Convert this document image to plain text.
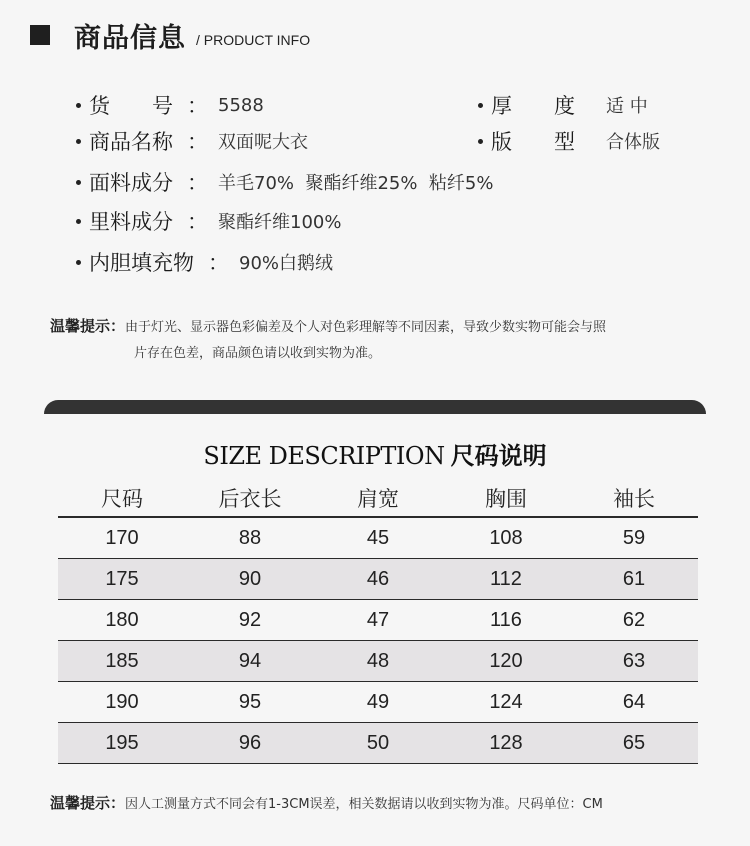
商品信息 / PRODUCT INFO
货　　号 ： 5588
商品名称 ： 双面呢大衣
面料成分 ： 羊毛70%  聚酯纤维25%  粘纤5%
里料成分 ： 聚酯纤维100%
内胆填充物 ： 90%白鹅绒
厚　　度 适 中
版　　型 合体版
温馨提示：由于灯光、显示器色彩偏差及个人对色彩理解等不同因素，导致少数实物可能会与照
片存在色差，商品颜色请以收到实物为准。
SIZE DESCRIPTION 尺码说明
尺码	后衣长	肩宽	胸围	袖长
170	88	45	108	59
175	90	46	112	61
180	92	47	116	62
185	94	48	120	63
190	95	49	124	64
195	96	50	128	65
温馨提示：因人工测量方式不同会有1-3CM误差，相关数据请以收到实物为准。尺码单位：CM
